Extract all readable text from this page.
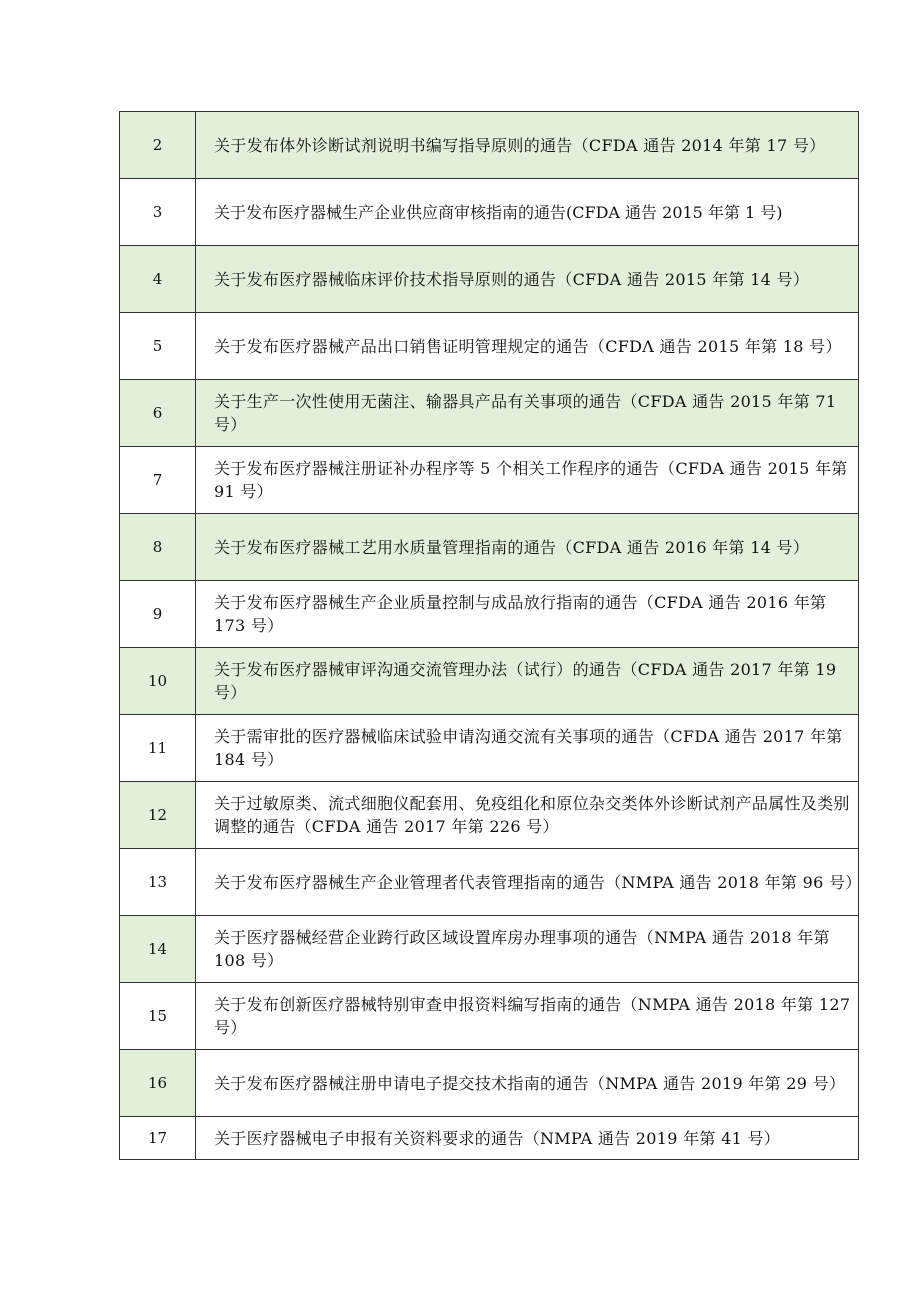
2	关于发布体外诊断试剂说明书编写指导原则的通告（CFDA 通告 2014 年第 17 号）
3	关于发布医疗器械生产企业供应商审核指南的通告(CFDA 通告 2015 年第 1 号)
4	关于发布医疗器械临床评价技术指导原则的通告（CFDA 通告 2015 年第 14 号）
5	关于发布医疗器械产品出口销售证明管理规定的通告（CFDΛ 通告 2015 年第 18 号）
6	关于生产一次性使用无菌注、输器具产品有关事项的通告（CFDA 通告 2015 年第 71 号）
7	关于发布医疗器械注册证补办程序等 5 个相关工作程序的通告（CFDA 通告 2015 年第 91 号）
8	关于发布医疗器械工艺用水质量管理指南的通告（CFDA 通告 2016 年第 14 号）
9	关于发布医疗器械生产企业质量控制与成品放行指南的通告（CFDA 通告 2016 年第 173 号）
10	关于发布医疗器械审评沟通交流管理办法（试行）的通告（CFDA 通告 2017 年第 19 号）
11	关于需审批的医疗器械临床试验申请沟通交流有关事项的通告（CFDA 通告 2017 年第 184 号）
12	关于过敏原类、流式细胞仪配套用、免疫组化和原位杂交类体外诊断试剂产品属性及类别调整的通告（CFDA 通告 2017 年第 226 号）
13	关于发布医疗器械生产企业管理者代表管理指南的通告（NMPA 通告 2018 年第 96 号）
14	关于医疗器械经营企业跨行政区域设置库房办理事项的通告（NMPA 通告 2018 年第 108 号）
15	关于发布创新医疗器械特别审查申报资料编写指南的通告（NMPA 通告 2018 年第 127 号）
16	关于发布医疗器械注册申请电子提交技术指南的通告（NMPA 通告 2019 年第 29 号）
17	关于医疗器械电子申报有关资料要求的通告（NMPA 通告 2019 年第 41 号）
